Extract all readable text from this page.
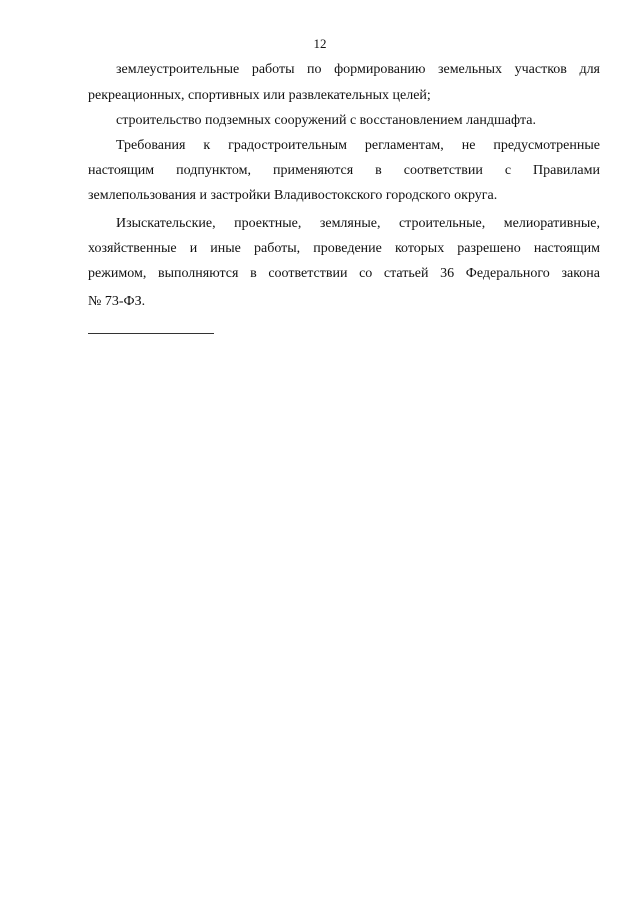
12
землеустроительные работы по формированию земельных участков для
рекреационных, спортивных или развлекательных целей;
строительство подземных сооружений с восстановлением ландшафта.
Требования к градостроительным регламентам, не предусмотренные
настоящим подпунктом, применяются в соответствии с Правилами
землепользования и застройки Владивостокского городского округа.
Изыскательские, проектные, земляные, строительные, мелиоративные,
хозяйственные и иные работы, проведение которых разрешено настоящим
режимом, выполняются в соответствии со статьей 36 Федерального закона
№ 73-ФЗ.
